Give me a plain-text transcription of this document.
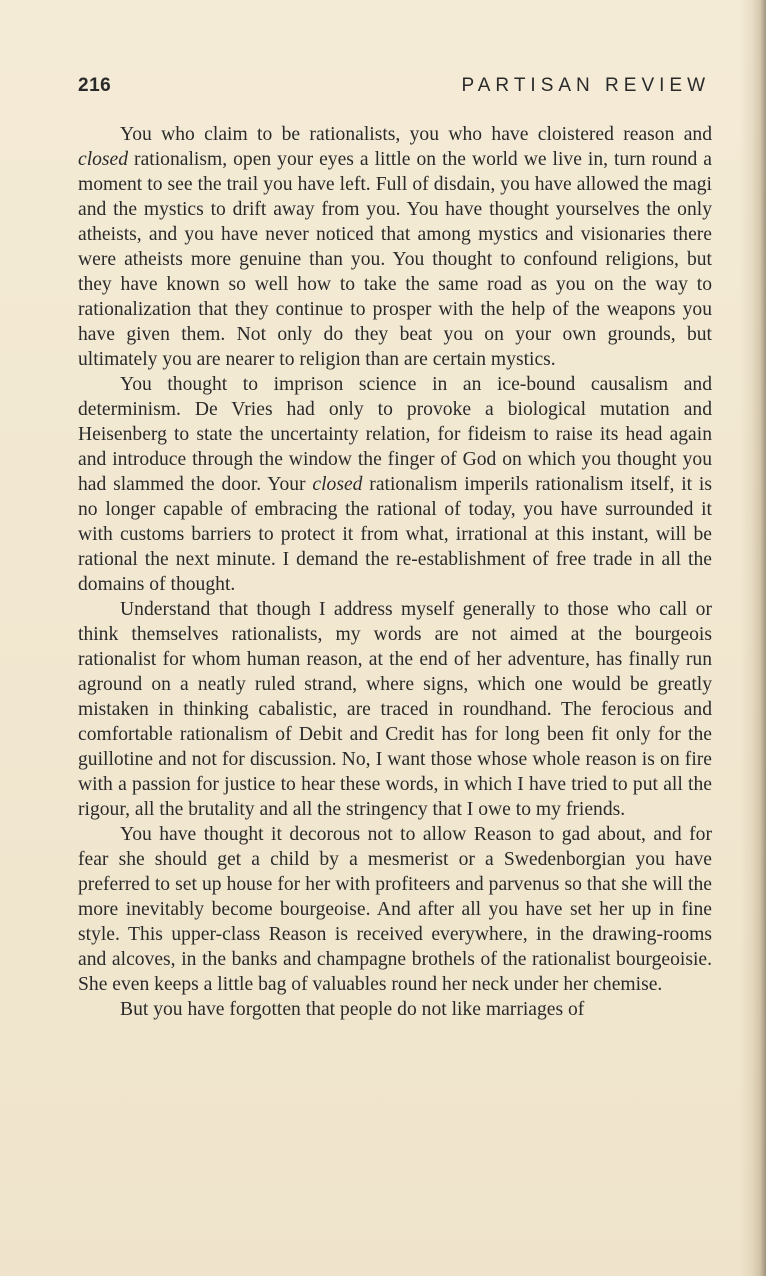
216	PARTISAN REVIEW

You who claim to be rationalists, you who have cloistered reason and closed rationalism, open your eyes a little on the world we live in, turn round a moment to see the trail you have left. Full of disdain, you have allowed the magi and the mystics to drift away from you. You have thought yourselves the only atheists, and you have never noticed that among mystics and visionaries there were atheists more genuine than you. You thought to confound religions, but they have known so well how to take the same road as you on the way to rationalization that they continue to prosper with the help of the weapons you have given them. Not only do they beat you on your own grounds, but ultimately you are nearer to religion than are certain mystics.

You thought to imprison science in an ice-bound causalism and determinism. De Vries had only to provoke a biological mutation and Heisenberg to state the uncertainty relation, for fideism to raise its head again and introduce through the window the finger of God on which you thought you had slammed the door. Your closed rationalism imperils rationalism itself, it is no longer capable of embracing the rational of today, you have surrounded it with customs barriers to protect it from what, irrational at this instant, will be rational the next minute. I demand the re-establishment of free trade in all the domains of thought.

Understand that though I address myself generally to those who call or think themselves rationalists, my words are not aimed at the bourgeois rationalist for whom human reason, at the end of her adventure, has finally run aground on a neatly ruled strand, where signs, which one would be greatly mistaken in thinking cabalistic, are traced in roundhand. The ferocious and comfortable rationalism of Debit and Credit has for long been fit only for the guillotine and not for discussion. No, I want those whose whole reason is on fire with a passion for justice to hear these words, in which I have tried to put all the rigour, all the brutality and all the stringency that I owe to my friends.

You have thought it decorous not to allow Reason to gad about, and for fear she should get a child by a mesmerist or a Swedenborgian you have preferred to set up house for her with profiteers and parvenus so that she will the more inevitably become bourgeoise. And after all you have set her up in fine style. This upper-class Reason is received everywhere, in the drawing-rooms and alcoves, in the banks and champagne brothels of the rationalist bourgeoisie. She even keeps a little bag of valuables round her neck under her chemise.

But you have forgotten that people do not like marriages of
